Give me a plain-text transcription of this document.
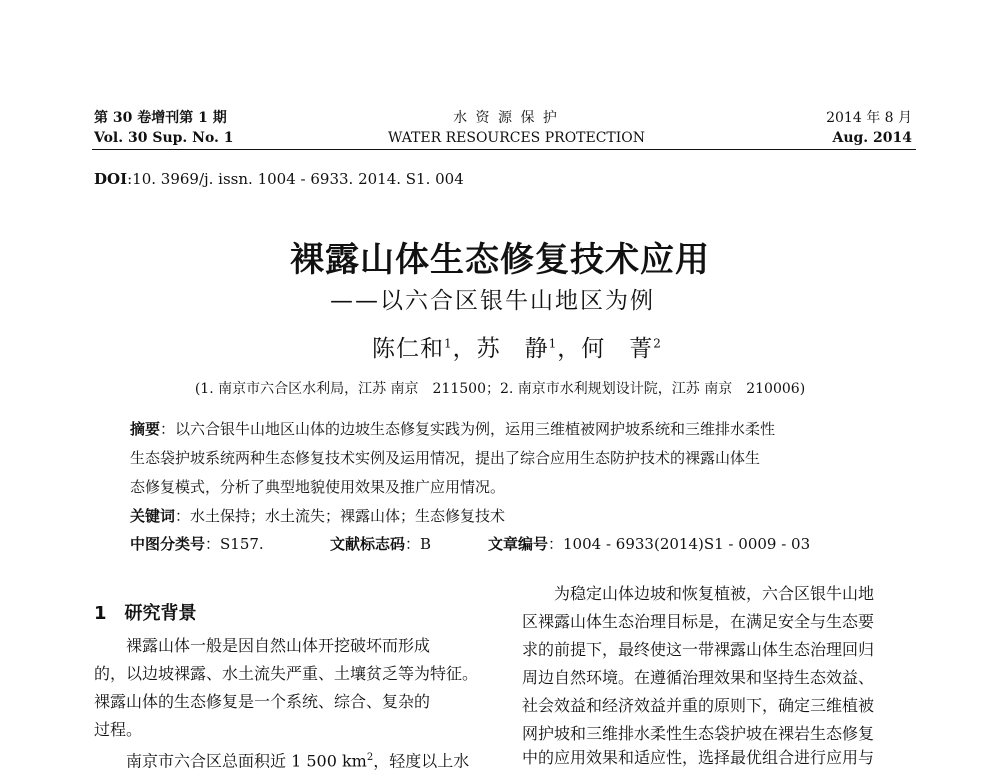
第 30 卷增刊第 1 期
Vol. 30 Sup. No. 1
水 资 源 保 护
WATER RESOURCES PROTECTION
2014 年 8 月
Aug. 2014
DOI:10. 3969/j. issn. 1004 - 6933. 2014. S1. 004
裸露山体生态修复技术应用
——以六合区银牛山地区为例
陈仁和$^1$，苏　静$^1$，何　菁$^2$
(1. 南京市六合区水利局，江苏 南京　211500；2. 南京市水利规划设计院，江苏 南京　210006)
摘要：以六合银牛山地区山体的边坡生态修复实践为例，运用三维植被网护坡系统和三维排水柔性
生态袋护坡系统两种生态修复技术实例及运用情况，提出了综合应用生态防护技术的裸露山体生
态修复模式，分析了典型地貌使用效果及推广应用情况。
关键词：水土保持；水土流失；裸露山体；生态修复技术
中图分类号：S157.	文献标志码：B	文章编号：1004 - 6933(2014)S1 - 0009 - 03
1　研究背景
　　裸露山体一般是因自然山体开挖破坏而形成
的，以边坡裸露、水土流失严重、土壤贫乏等为特征。
裸露山体的生态修复是一个系统、综合、复杂的
过程。
　　南京市六合区总面积近 1 500 $km^2$，轻度以上水
　　为稳定山体边坡和恢复植被，六合区银牛山地
区裸露山体生态治理目标是，在满足安全与生态要
求的前提下，最终使这一带裸露山体生态治理回归
周边自然环境。在遵循治理效果和坚持生态效益、
社会效益和经济效益并重的原则下，确定三维植被
网护坡和三维排水柔性生态袋护坡在裸岩生态修复
中的应用效果和适应性，选择最优组合进行应用与
